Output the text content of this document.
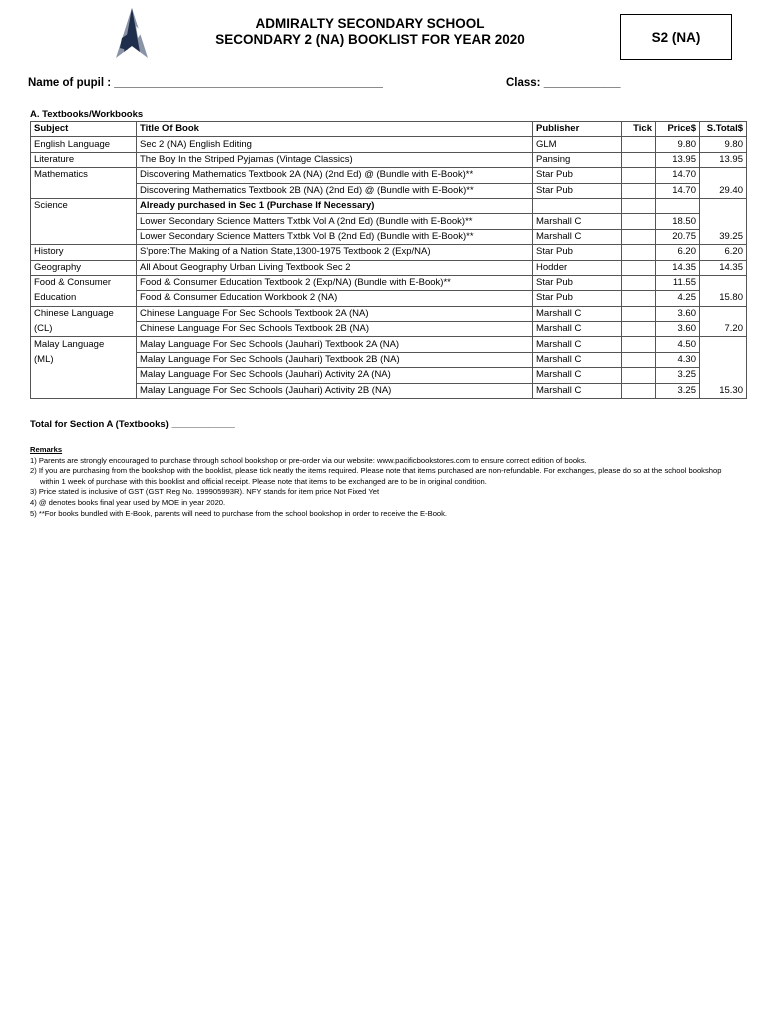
ADMIRALTY SECONDARY SCHOOL
SECONDARY 2 (NA) BOOKLIST FOR YEAR 2020	S2 (NA)
Name of pupil : __________________________________________	Class: ____________
A. Textbooks/Workbooks
Subject	Title Of Book	Publisher	Tick	Price$	S.Total$
English Language	Sec 2 (NA) English Editing	GLM		9.80	9.80
Literature	The Boy In the Striped Pyjamas (Vintage Classics)	Pansing		13.95	13.95
Mathematics	Discovering Mathematics Textbook 2A (NA) (2nd Ed) @ (Bundle with E-Book)**	Star Pub		14.70	
	Discovering Mathematics Textbook 2B (NA) (2nd Ed) @ (Bundle with E-Book)**	Star Pub		14.70	29.40
Science	Already purchased in Sec 1 (Purchase If Necessary)				
	Lower Secondary Science Matters Txtbk Vol A (2nd Ed) (Bundle with E-Book)**	Marshall C		18.50	
	Lower Secondary Science Matters Txtbk Vol B (2nd Ed) (Bundle with E-Book)**	Marshall C		20.75	39.25
History	S'pore:The Making of a Nation State,1300-1975 Textbook 2 (Exp/NA)	Star Pub		6.20	6.20
Geography	All About Geography Urban Living Textbook Sec 2	Hodder		14.35	14.35
Food & Consumer	Food & Consumer Education Textbook 2 (Exp/NA) (Bundle with E-Book)**	Star Pub		11.55	
Education	Food & Consumer Education Workbook 2 (NA)	Star Pub		4.25	15.80
Chinese Language	Chinese Language For Sec Schools Textbook 2A (NA)	Marshall C		3.60	
(CL)	Chinese Language For Sec Schools Textbook 2B (NA)	Marshall C		3.60	7.20
Malay Language	Malay Language For Sec Schools (Jauhari) Textbook 2A (NA)	Marshall C		4.50	
(ML)	Malay Language For Sec Schools (Jauhari) Textbook 2B (NA)	Marshall C		4.30	
	Malay Language For Sec Schools (Jauhari) Activity 2A (NA)	Marshall C		3.25	
	Malay Language For Sec Schools (Jauhari) Activity 2B (NA)	Marshall C		3.25	15.30
Total for Section A (Textbooks) ____________
Remarks
1) Parents are strongly encouraged to purchase through school bookshop or pre-order via our website: www.pacificbookstores.com to ensure correct edition of books.
2) If you are purchasing from the bookshop with the booklist, please tick neatly the items required. Please note that items purchased are non-refundable. For exchanges, please do so at the school bookshop within 1 week of purchase with this booklist and official receipt. Please note that items to be exchanged are to be in original condition.
3) Price stated is inclusive of GST (GST Reg No. 199905993R). NFY stands for item price Not Fixed Yet
4) @ denotes books final year used by MOE in year 2020.
5) **For books bundled with E-Book, parents will need to purchase from the school bookshop in order to receive the E-Book.
